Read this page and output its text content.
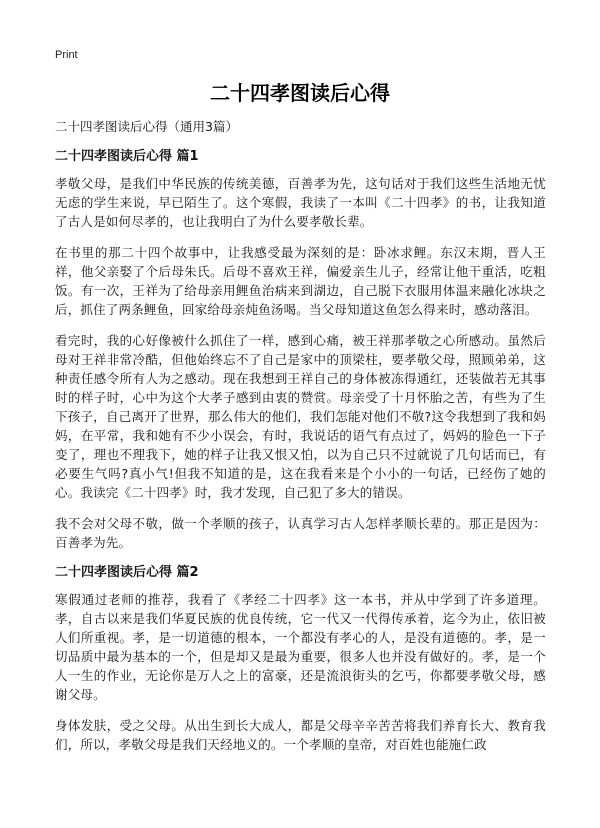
Print
二十四孝图读后心得
二十四孝图读后心得（通用3篇）
二十四孝图读后心得 篇1

孝敬父母，是我们中华民族的传统美德，百善孝为先，这句话对于我们这些生活地无忧无虑的学生来说，早已陌生了。这个寒假，我读了一本叫《二十四孝》的书，让我知道了古人是如何尽孝的，也让我明白了为什么要孝敬长辈。

在书里的那二十四个故事中，让我感受最为深刻的是：卧冰求鲤。东汉末期，晋人王祥，他父亲娶了个后母朱氏。后母不喜欢王祥，偏爱亲生儿子，经常让他干重活，吃粗饭。有一次，王祥为了给母亲用鲤鱼治病来到湖边，自己脱下衣服用体温来融化冰块之后，抓住了两条鲤鱼，回家给母亲炖鱼汤喝。当父母知道这鱼怎么得来时，感动落泪。

看完时，我的心好像被什么抓住了一样，感到心痛，被王祥那孝敬之心所感动。虽然后母对王祥非常冷酷，但他始终忘不了自己是家中的顶梁柱，要孝敬父母，照顾弟弟，这种责任感令所有人为之感动。现在我想到王祥自己的身体被冻得通红，还装做若无其事时的样子时，心中为这个大孝子感到由衷的赞赏。母亲受了十月怀胎之苦，有些为了生下孩子，自己离开了世界，那么伟大的他们，我们怎能对他们不敬?这令我想到了我和妈妈，在平常，我和她有不少小误会，有时，我说话的语气有点过了，妈妈的脸色一下子变了，理也不理我下，她的样子让我又恨又怕，以为自己只不过就说了几句话而已，有必要生气吗?真小气!但我不知道的是，这在我看来是个小小的一句话，已经伤了她的心。我读完《二十四孝》时，我才发现，自己犯了多大的错误。

我不会对父母不敬，做一个孝顺的孩子，认真学习古人怎样孝顺长辈的。那正是因为：百善孝为先。

二十四孝图读后心得 篇2

寒假通过老师的推荐，我看了《孝经二十四孝》这一本书，并从中学到了许多道理。孝，自古以来是我们华夏民族的优良传统，它一代又一代得传承着，迄今为止，依旧被人们所重视。孝，是一切道德的根本，一个都没有孝心的人，是没有道德的。孝，是一切品质中最为基本的一个，但是却又是最为重要，很多人也并没有做好的。孝，是一个人一生的作业，无论你是万人之上的富豪，还是流浪街头的乞丐，你都要孝敬父母，感谢父母。

身体发肤，受之父母。从出生到长大成人，都是父母辛辛苦苦将我们养育长大、教育我们，所以，孝敬父母是我们天经地义的。一个孝顺的皇帝，对百姓也能施仁政
